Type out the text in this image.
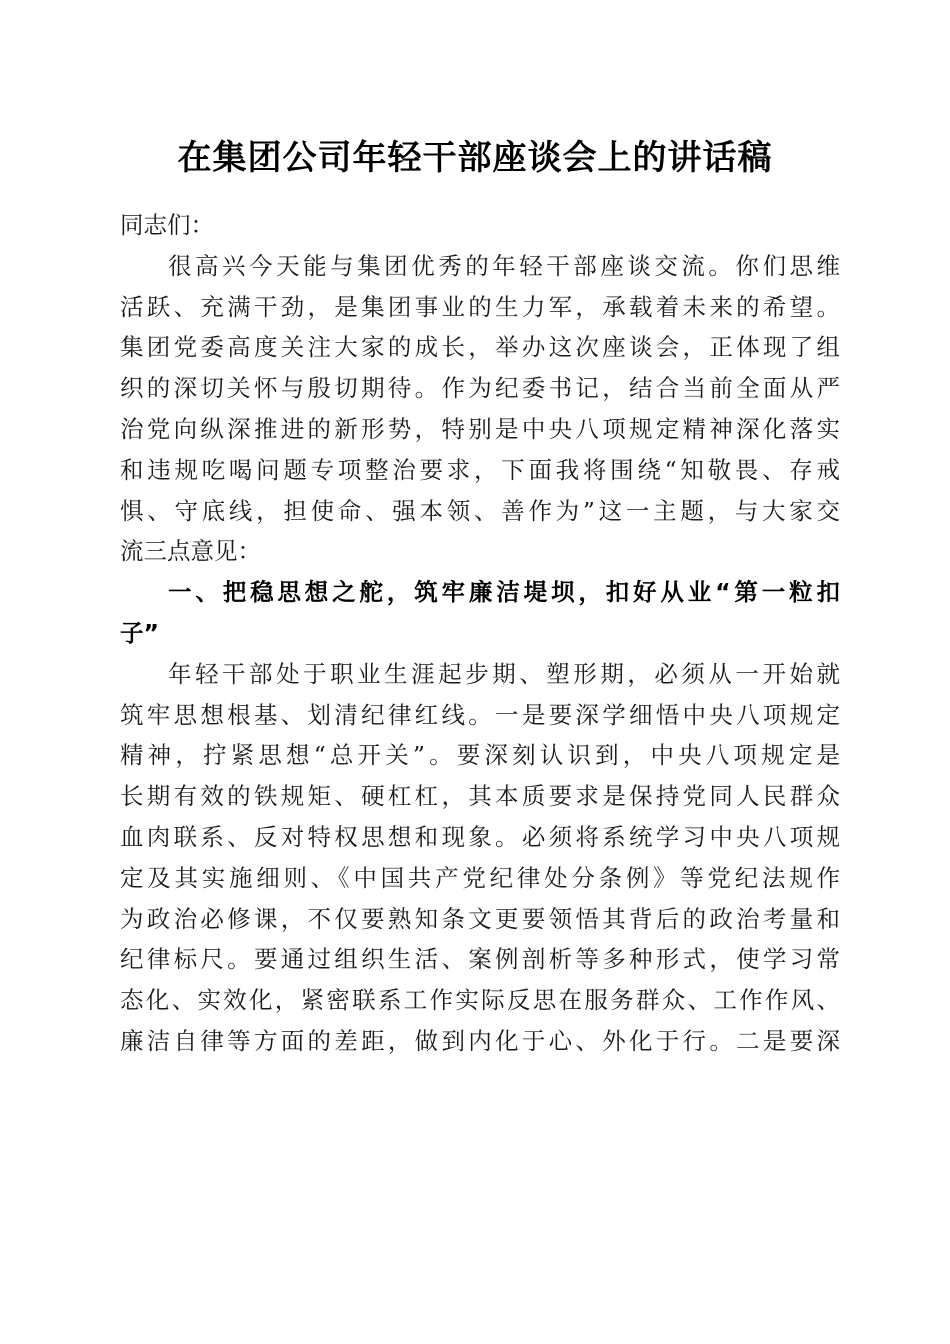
在集团公司年轻干部座谈会上的讲话稿
同志们：
很高兴今天能与集团优秀的年轻干部座谈交流。你们思维
活跃、充满干劲，是集团事业的生力军，承载着未来的希望。
集团党委高度关注大家的成长，举办这次座谈会，正体现了组
织的深切关怀与殷切期待。作为纪委书记，结合当前全面从严
治党向纵深推进的新形势，特别是中央八项规定精神深化落实
和违规吃喝问题专项整治要求，下面我将围绕“知敬畏、存戒
惧、守底线，担使命、强本领、善作为”这一主题，与大家交
流三点意见：
一、把稳思想之舵，筑牢廉洁堤坝，扣好从业“第一粒扣
子”
年轻干部处于职业生涯起步期、塑形期，必须从一开始就
筑牢思想根基、划清纪律红线。一是要深学细悟中央八项规定
精神，拧紧思想“总开关”。要深刻认识到，中央八项规定是
长期有效的铁规矩、硬杠杠，其本质要求是保持党同人民群众
血肉联系、反对特权思想和现象。必须将系统学习中央八项规
定及其实施细则、《中国共产党纪律处分条例》等党纪法规作
为政治必修课，不仅要熟知条文更要领悟其背后的政治考量和
纪律标尺。要通过组织生活、案例剖析等多种形式，使学习常
态化、实效化，紧密联系工作实际反思在服务群众、工作作风、
廉洁自律等方面的差距，做到内化于心、外化于行。二是要深
